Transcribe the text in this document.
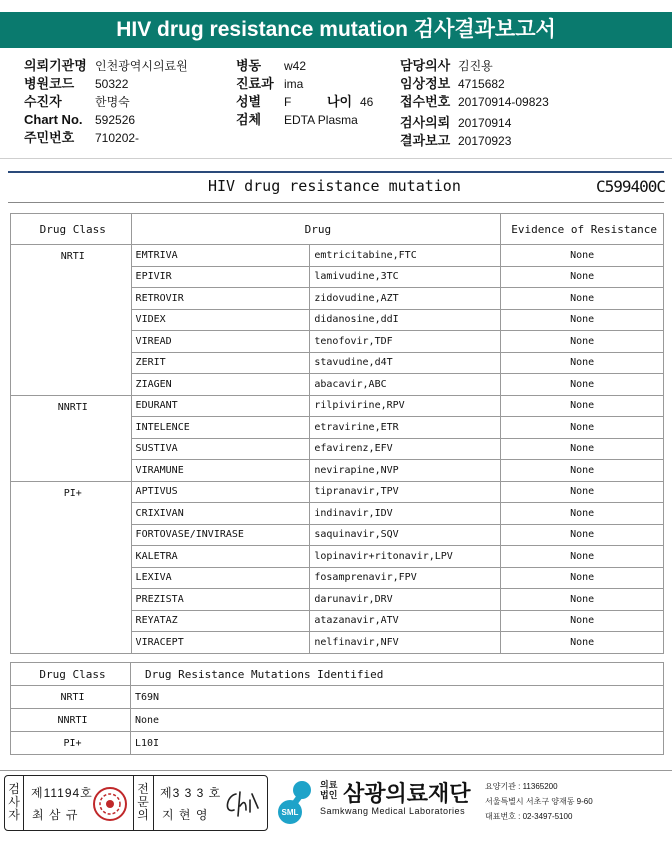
HIV drug resistance mutation 검사결과보고서
의뢰기관명 인천광역시의료원
병원코드 50322
수진자	한명숙
Chart No. 592526
주민번호 710202-
병동 w42
진료과 ima
성별 F
검체 EDTA Plasma
나이 46
담당의사 김진용
임상정보 4715682
접수번호 20170914-09823
검사의뢰 20170914
결과보고 20170923
HIV drug resistance mutation	C599400C
Drug Class	Drug		Evidence of Resistance
NRTI	EMTRIVA	emtricitabine,FTC	None
	EPIVIR	lamivudine,3TC	None
	RETROVIR	zidovudine,AZT	None
	VIDEX	didanosine,ddI	None
	VIREAD	tenofovir,TDF	None
	ZERIT	stavudine,d4T	None
	ZIAGEN	abacavir,ABC	None
NNRTI	EDURANT	rilpivirine,RPV	None
	INTELENCE	etravirine,ETR	None
	SUSTIVA	efavirenz,EFV	None
	VIRAMUNE	nevirapine,NVP	None
PI+	APTIVUS	tipranavir,TPV	None
	CRIXIVAN	indinavir,IDV	None
	FORTOVASE/INVIRASE	saquinavir,SQV	None
	KALETRA	lopinavir+ritonavir,LPV	None
	LEXIVA	fosamprenavir,FPV	None
	PREZISTA	darunavir,DRV	None
	REYATAZ	atazanavir,ATV	None
	VIRACEPT	nelfinavir,NFV	None
Drug Class	Drug Resistance Mutations Identified
NRTI	T69N
NNRTI	None
PI+	L10I
검사자
제11194호
최 삼 규
전문의
제3 3 3 호
지 현 영	SML
의료법인 삼광의료재단
Samkwang Medical Laboratories
요양기관 : 11365200
서울특별시 서초구 양재동 9-60
대표번호 : 02-3497-5100
